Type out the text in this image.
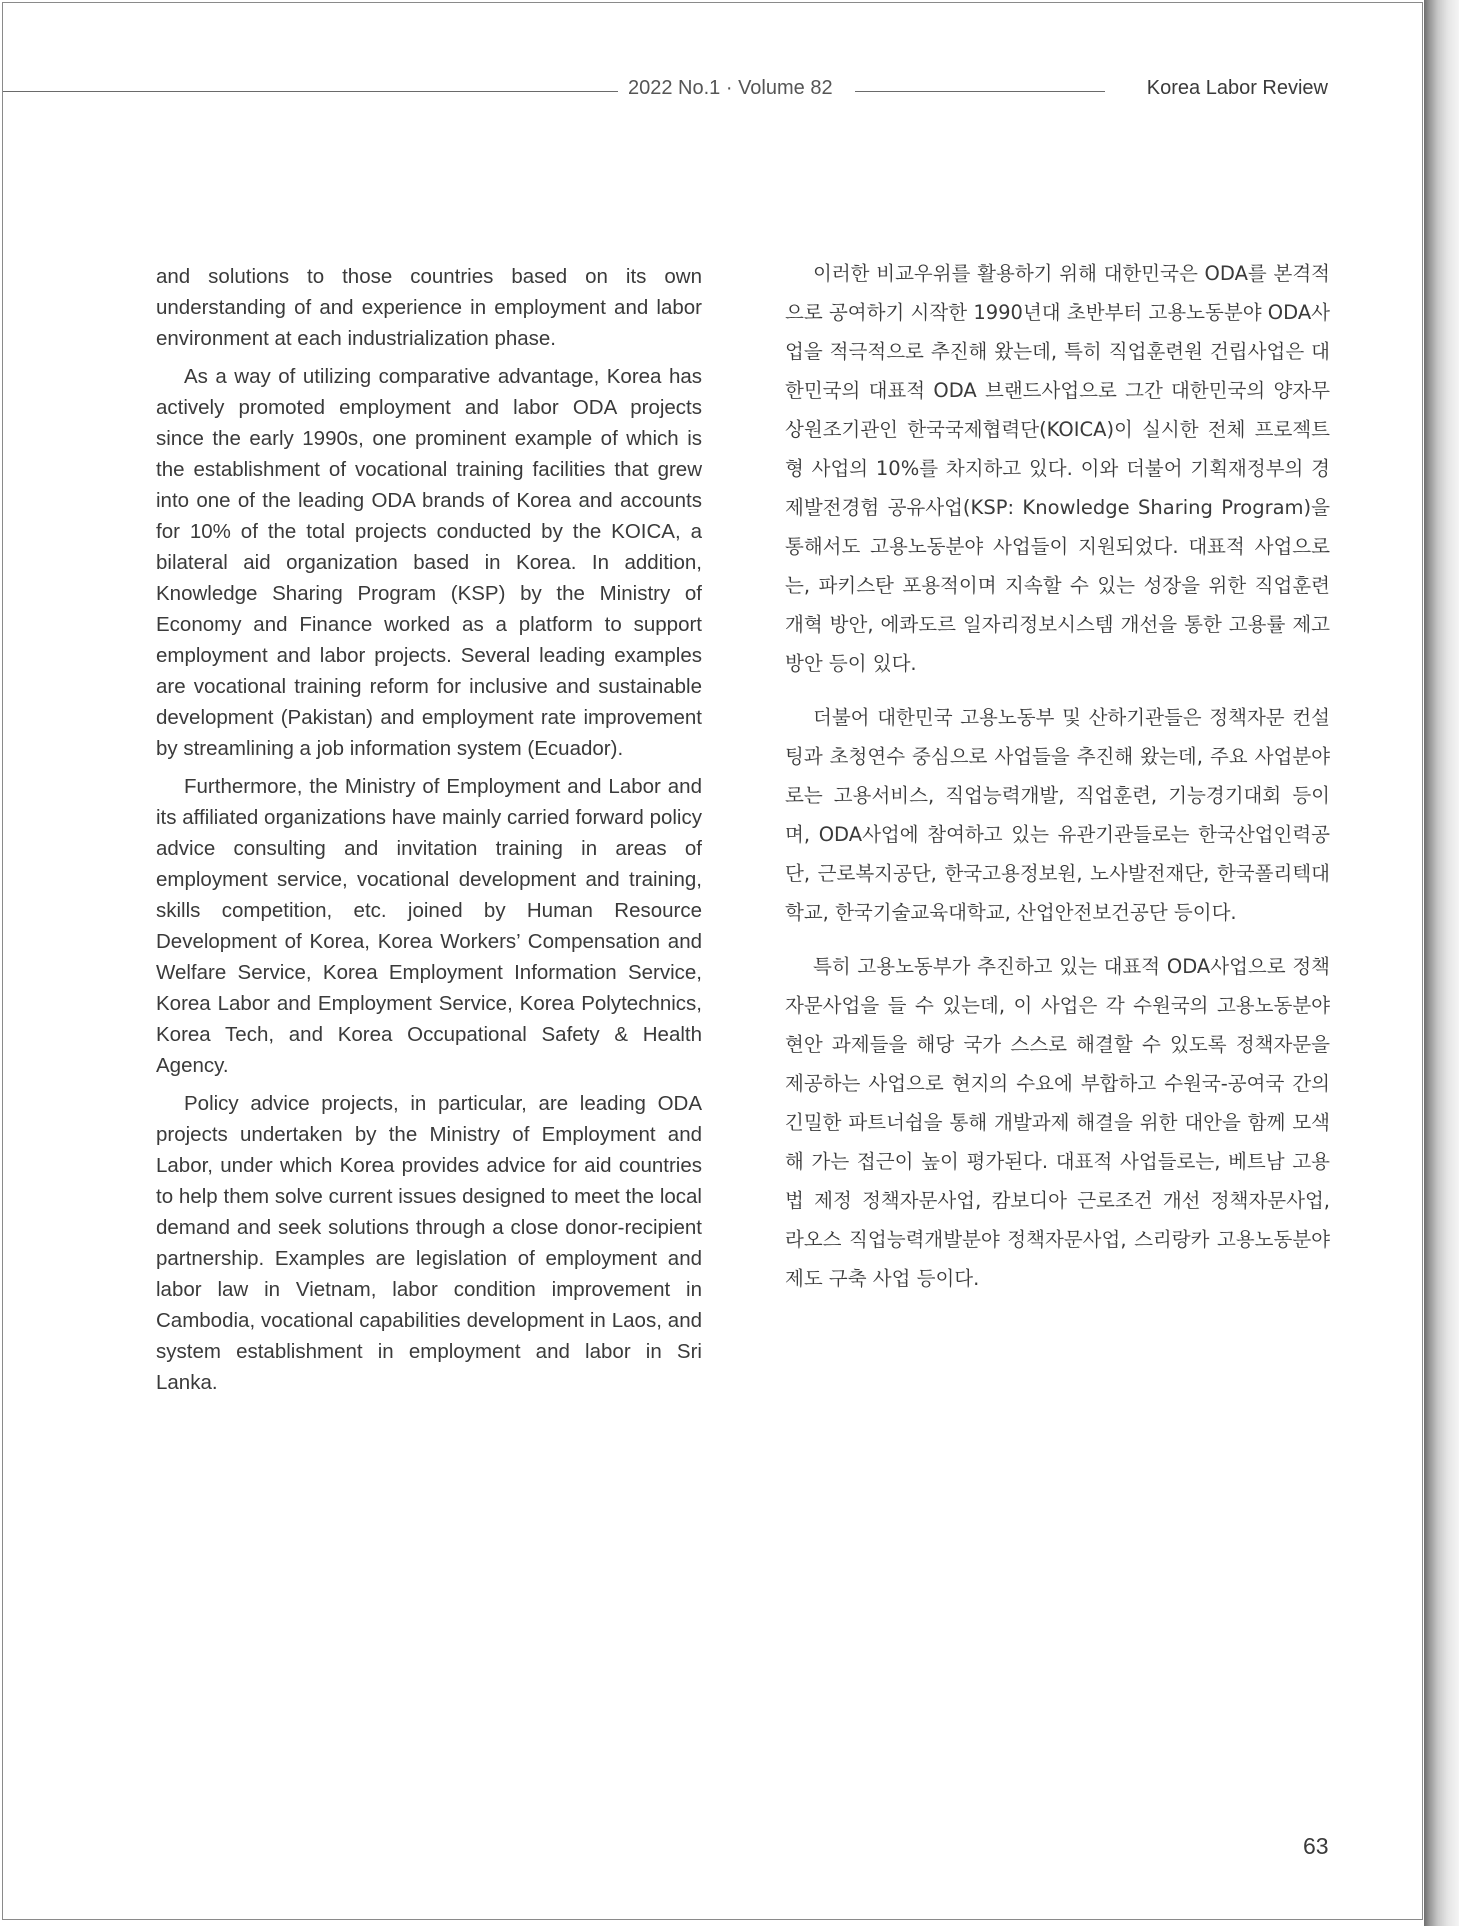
2022 No.1 · Volume 82	Korea Labor Review

and solutions to those countries based on its own understanding of and experience in employment and labor environment at each industrialization phase.

As a way of utilizing comparative advantage, Korea has actively promoted employment and labor ODA projects since the early 1990s, one prominent example of which is the establishment of vocational training facilities that grew into one of the leading ODA brands of Korea and accounts for 10% of the total projects conducted by the KOICA, a bilateral aid organization based in Korea. In addition, Knowledge Sharing Program (KSP) by the Ministry of Economy and Finance worked as a platform to support employment and labor projects. Several leading examples are vocational training reform for inclusive and sustainable development (Pakistan) and employment rate improvement by streamlining a job information system (Ecuador).

Furthermore, the Ministry of Employment and Labor and its affiliated organizations have mainly carried forward policy advice consulting and invitation training in areas of employment service, vocational development and training, skills competition, etc. joined by Human Resource Development of Korea, Korea Workers’ Compensation and Welfare Service, Korea Employment Information Service, Korea Labor and Employment Service, Korea Polytechnics, Korea Tech, and Korea Occupational Safety & Health Agency.

Policy advice projects, in particular, are leading ODA projects undertaken by the Ministry of Employment and Labor, under which Korea provides advice for aid countries to help them solve current issues designed to meet the local demand and seek solutions through a close donor-recipient partnership. Examples are legislation of employment and labor law in Vietnam, labor condition improvement in Cambodia, vocational capabilities development in Laos, and system establishment in employment and labor in Sri Lanka.

이러한 비교우위를 활용하기 위해 대한민국은 ODA를 본격적으로 공여하기 시작한 1990년대 초반부터 고용노동분야 ODA사업을 적극적으로 추진해 왔는데, 특히 직업훈련원 건립사업은 대한민국의 대표적 ODA 브랜드사업으로 그간 대한민국의 양자무상원조기관인 한국국제협력단(KOICA)이 실시한 전체 프로젝트형 사업의 10%를 차지하고 있다. 이와 더불어 기획재정부의 경제발전경험 공유사업(KSP: Knowledge Sharing Program)을 통해서도 고용노동분야 사업들이 지원되었다. 대표적 사업으로는, 파키스탄 포용적이며 지속할 수 있는 성장을 위한 직업훈련 개혁 방안, 에콰도르 일자리정보시스템 개선을 통한 고용률 제고 방안 등이 있다.

더불어 대한민국 고용노동부 및 산하기관들은 정책자문 컨설팅과 초청연수 중심으로 사업들을 추진해 왔는데, 주요 사업분야로는 고용서비스, 직업능력개발, 직업훈련, 기능경기대회 등이며, ODA사업에 참여하고 있는 유관기관들로는 한국산업인력공단, 근로복지공단, 한국고용정보원, 노사발전재단, 한국폴리텍대학교, 한국기술교육대학교, 산업안전보건공단 등이다.

특히 고용노동부가 추진하고 있는 대표적 ODA사업으로 정책자문사업을 들 수 있는데, 이 사업은 각 수원국의 고용노동분야 현안 과제들을 해당 국가 스스로 해결할 수 있도록 정책자문을 제공하는 사업으로 현지의 수요에 부합하고 수원국-공여국 간의 긴밀한 파트너쉽을 통해 개발과제 해결을 위한 대안을 함께 모색해 가는 접근이 높이 평가된다. 대표적 사업들로는, 베트남 고용법 제정 정책자문사업, 캄보디아 근로조건 개선 정책자문사업, 라오스 직업능력개발분야 정책자문사업, 스리랑카 고용노동분야 제도 구축 사업 등이다.

63
